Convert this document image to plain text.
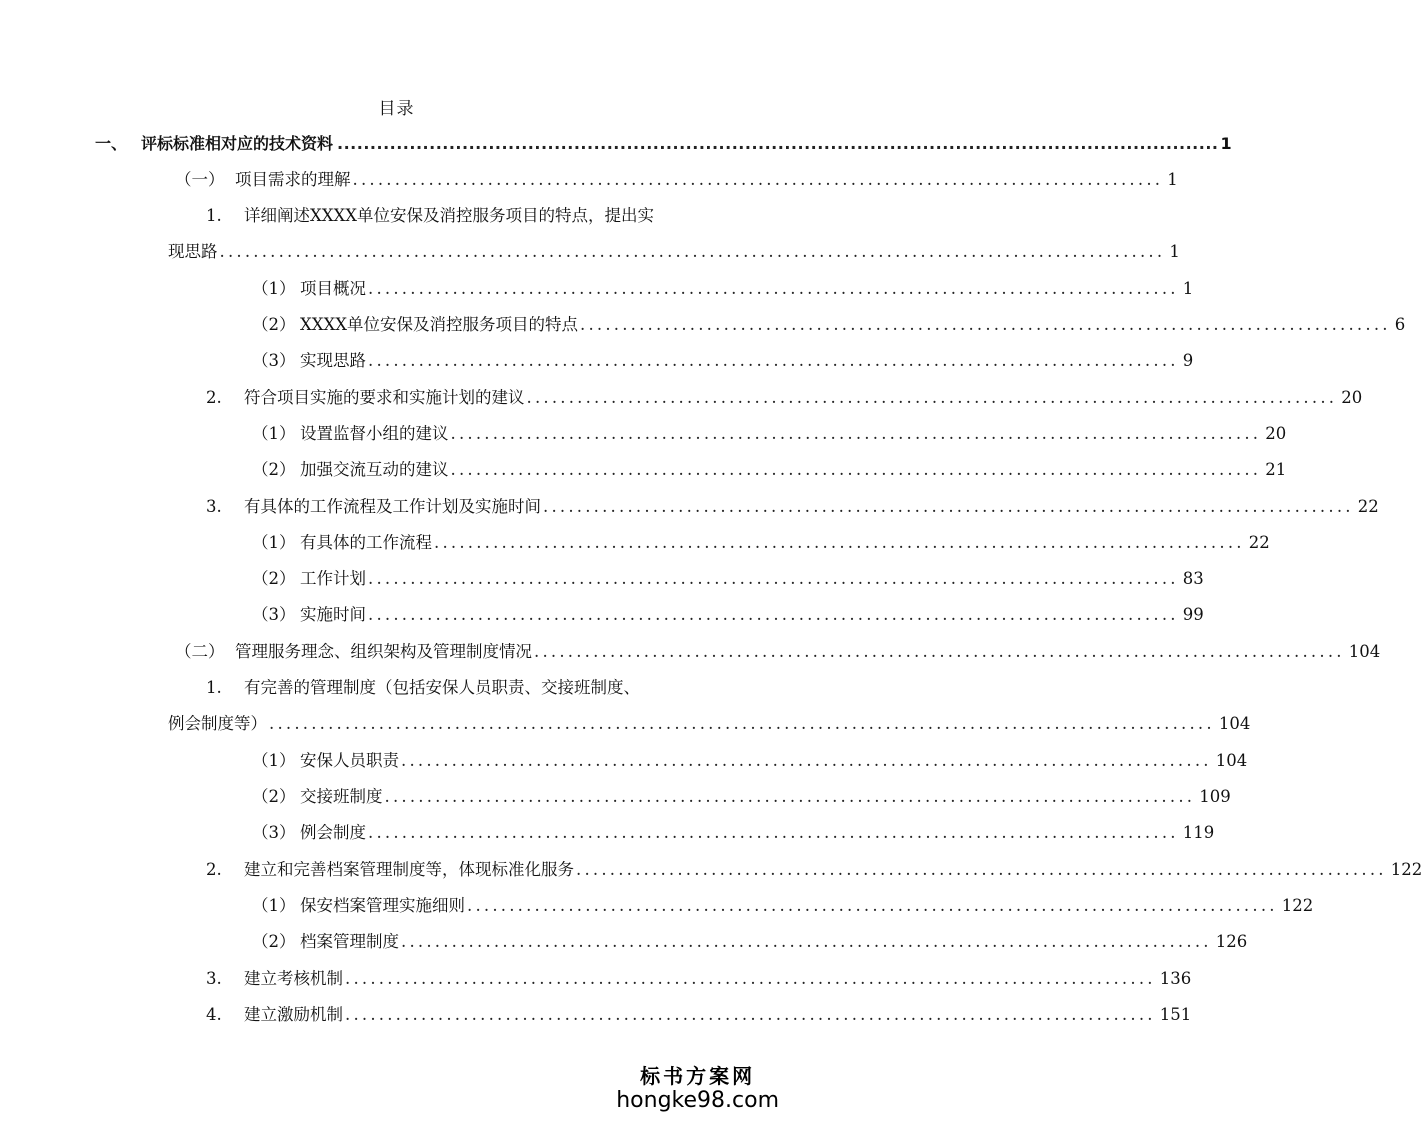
目录
一、 评标标准相对应的技术资料 ...................................................................................................................................... 1
（一） 项目需求的理解 ................................................................................................ 1
1.	详细阐述XXXX单位安保及消控服务项目的特点，提出实
现思路 ................................................................................................................ 1
（1） 项目概况 ................................................................................................ 1
（2） XXXX单位安保及消控服务项目的特点 ................................................................................................ 6
（3） 实现思路 ................................................................................................ 9
2.	符合项目实施的要求和实施计划的建议 ................................................................................................ 20
（1） 设置监督小组的建议 ................................................................................................ 20
（2） 加强交流互动的建议 ................................................................................................ 21
3.	有具体的工作流程及工作计划及实施时间 ................................................................................................ 22
（1） 有具体的工作流程 ................................................................................................ 22
（2） 工作计划 ................................................................................................ 83
（3） 实施时间 ................................................................................................ 99
（二） 管理服务理念、组织架构及管理制度情况 ................................................................................................ 104
1.	有完善的管理制度（包括安保人员职责、交接班制度、
例会制度等） ................................................................................................................ 104
（1） 安保人员职责 ................................................................................................ 104
（2） 交接班制度 ................................................................................................ 109
（3） 例会制度 ................................................................................................ 119
2.	建立和完善档案管理制度等，体现标准化服务 ................................................................................................ 122
（1） 保安档案管理实施细则 ................................................................................................ 122
（2） 档案管理制度 ................................................................................................ 126
3.	建立考核机制 ................................................................................................ 136
4.	建立激励机制 ................................................................................................ 151
标书方案网
hongke98.com
